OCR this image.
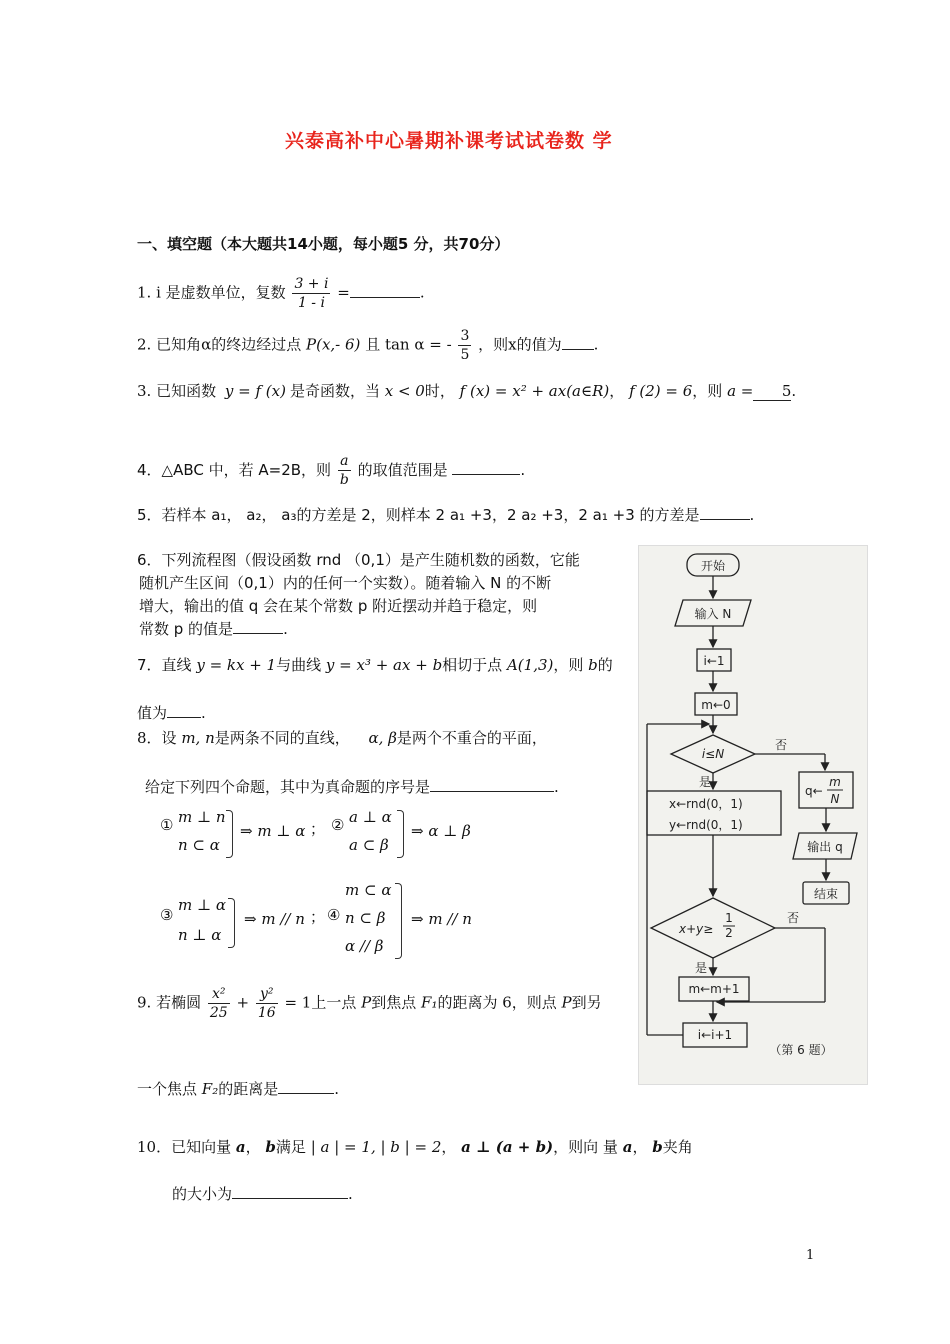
兴泰高补中心暑期补课考试试卷数 学
一、填空题（本大题共14小题，每小题5 分，共70分）
1. i 是虚数单位，复数 $\frac{3 + i}{1 - i}$ =	.
2. 已知角α的终边经过点 P(x,- 6) 且 tan α = - $\frac{3}{5}$ ，则x的值为 .
3. 已知函数 y = f (x) 是奇函数，当 x < 0时， f (x) = x² + ax(a∈R)， f (2) = 6，则 a = 5.
4．△ABC 中，若 A=2B，则 $\frac{a}{b}$ 的取值范围是	.
5．若样本 a₁， a₂， a₃的方差是 2，则样本 2 a₁ +3，2 a₂ +3，2 a₁ +3 的方差是	.
6．下列流程图（假设函数 rnd （0,1）是产生随机数的函数，它能
随机产生区间（0,1）内的任何一个实数）。随着输入 N 的不断
增大，输出的值 q 会在某个常数 p 附近摆动并趋于稳定，则
常数 p 的值是	.
7．直线 y = kx + 1与曲线 y = x³ + ax + b相切于点 A(1,3)，则 b的
值为 .
8．设 m, n是两条不同的直线， α, β是两个不重合的平面，
给定下列四个命题，其中为真命题的序号是	.
① m ⊥ n
n ⊂ α
⇒ m ⊥ α ； ② a ⊥ α
a ⊂ β
⇒ α ⊥ β
③
m ⊥ α
n ⊥ α
⇒ m // n ； ④
m ⊂ α
n ⊂ β
α // β
⇒ m // n
9. 若椭圆 $\frac{\text{x²}}{25} + \frac{\text{y²}}{16} = 1$上一点 P到焦点 F₁的距离为 6，则点 P到另
一个焦点 F₂的距离是	.
10．已知向量 a， b满足 | a | = 1, | b | = 2， a ⊥ (a + b)，则向 量 a， b夹角
的大小为	.
开始
输入 N
i←1
m←0
i≤N
否
是
x←rnd(0，1)
y←rnd(0，1)
q←
m
N
输出 q
结束
x+y≥
1
2
否
是
m←m+1
i←i+1
（第 6 题）
1
